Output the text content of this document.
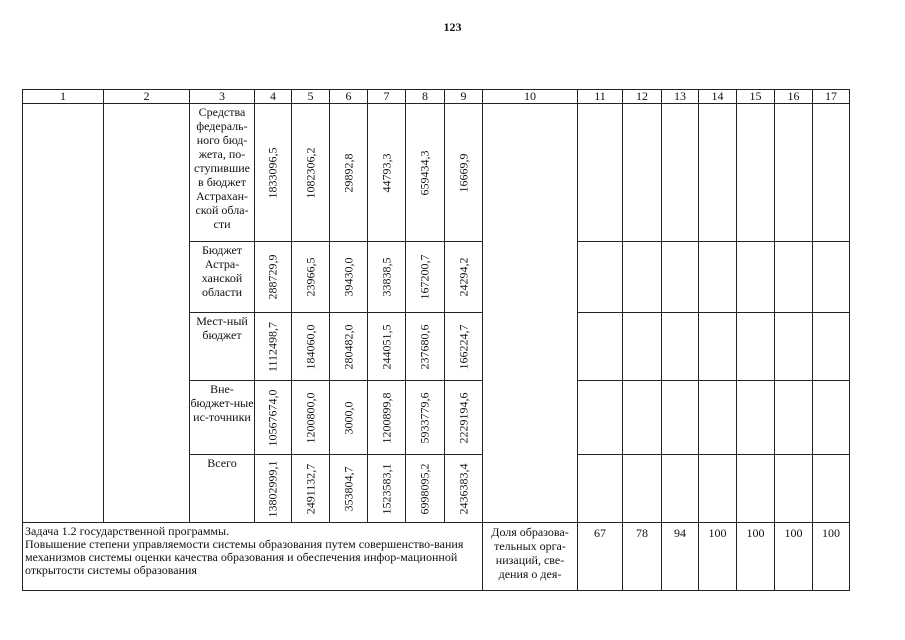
123
1	2	3	4	5	6	7	8	9	10	11	12	13	14	15	16	17
		Средства федераль-ного бюд-жета, по-ступившие в бюджет Астрахан-ской обла-сти	1833096,5	1082306,2	29892,8	44793,3	659434,3	16669,9								

		Бюджет Астра-ханской области	288729,9	23966,5	39430,0	33838,5	167200,7	24294,2								

		Мест-ный бюджет	1112498,7	184060,0	280482,0	244051,5	237680,6	166224,7								

		Вне-бюджет-ные ис-точники	10567674,0	1200800,0	3000,0	1200899,8	5933779,6	2229194,6								

		Всего	13802999,1	2491132,7	353804,7	1523583,1	6998095,2	2436383,4								

Задача 1.2 государственной программы.
Повышение степени управляемости системы образования путем совершенство-вания механизмов системы оценки качества образования и обеспечения инфор-мационной открытости системы образования									Доля образова-тельных орга-низаций, све-дения о дея-	67	78	94	100	100	100	100
